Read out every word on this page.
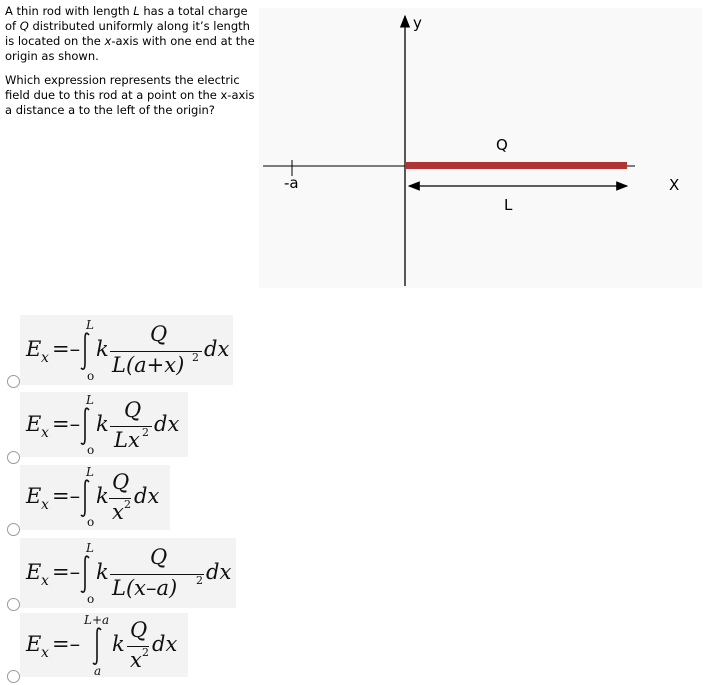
A thin rod with length L has a total charge of Q distributed uniformly along it’s length is located on the x-axis with one end at the origin as shown.

Which expression represents the electric field due to this rod at a point on the x-axis a distance a to the left of the origin?

y
X
Q
L
-a
E x =–
L
o
k
Q
L(a+x) 2 dx
E x =–
L
o
k
Q
Lx 2 dx
E x =–
L
o
k
Q
x 2 dx
E x =–
L
o
k
Q
L(x–a) 2 dx
E x =–
L+a
a
k
Q
x 2 dx
